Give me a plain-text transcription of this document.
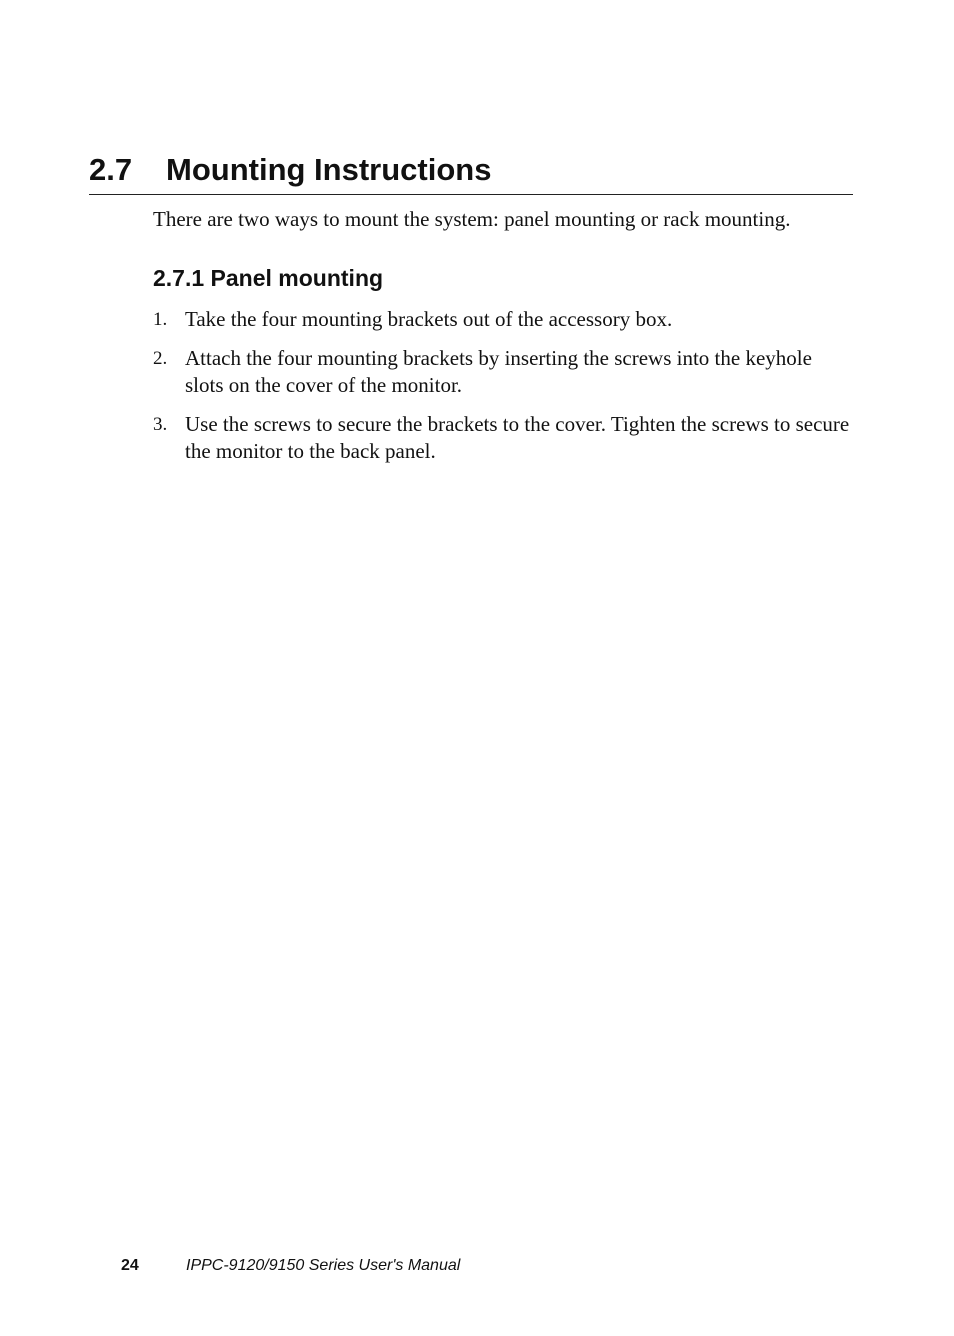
2.7 Mounting Instructions
There are two ways to mount the system: panel mounting or rack mounting.
2.7.1 Panel mounting
1. Take the four mounting brackets out of the accessory box.
2. Attach the four mounting brackets by inserting the screws into the keyhole slots on the cover of the monitor.
3. Use the screws to secure the brackets to the cover. Tighten the screws to secure the monitor to the back panel.
24	IPPC-9120/9150 Series User's Manual
